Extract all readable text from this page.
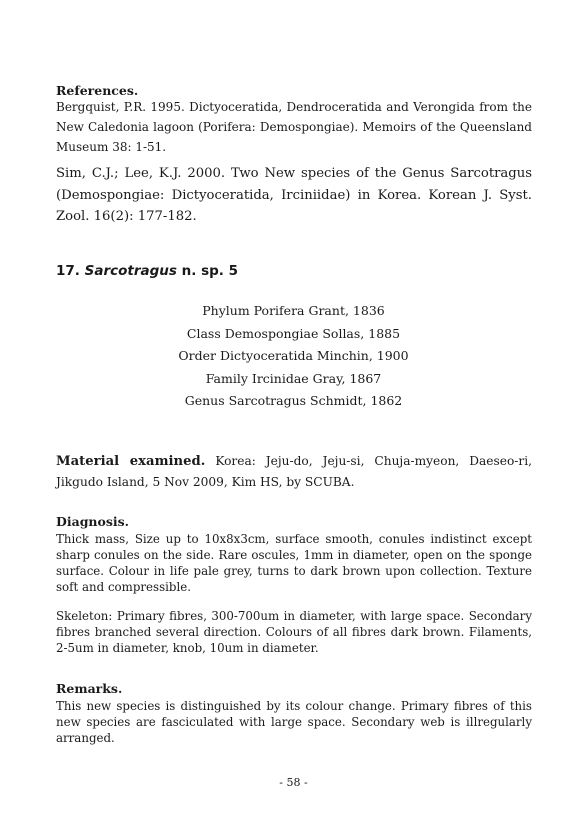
References.

Bergquist, P.R. 1995. Dictyoceratida, Dendroceratida and Verongida from the New Caledonia lagoon (Porifera: Demospongiae). Memoirs of the Queensland Museum 38: 1-51.

Sim, C.J.; Lee, K.J. 2000. Two New species of the Genus Sarcotragus (Demospongiae: Dictyoceratida, Irciniidae) in Korea. Korean J. Syst. Zool. 16(2): 177-182.

17. Sarcotragus n. sp. 5
Phylum Porifera Grant, 1836
Class Demospongiae Sollas, 1885
Order Dictyoceratida Minchin, 1900
Family Ircinidae Gray, 1867
Genus Sarcotragus Schmidt, 1862

Material examined. Korea: Jeju-do, Jeju-si, Chuja-myeon, Daeseo-ri, Jikgudo Island, 5 Nov 2009, Kim HS, by SCUBA.

Diagnosis.

Thick mass, Size up to 10x8x3cm, surface smooth, conules indistinct except sharp conules on the side. Rare oscules, 1mm in diameter, open on the sponge surface. Colour in life pale grey, turns to dark brown upon collection. Texture soft and compressible.

Skeleton: Primary fibres, 300-700um in diameter, with large space. Secondary fibres branched several direction. Colours of all fibres dark brown. Filaments, 2-5um in diameter, knob, 10um in diameter.

Remarks.

This new species is distinguished by its colour change. Primary fibres of this new species are fasciculated with large space. Secondary web is illregularly arranged.

- 58 -
